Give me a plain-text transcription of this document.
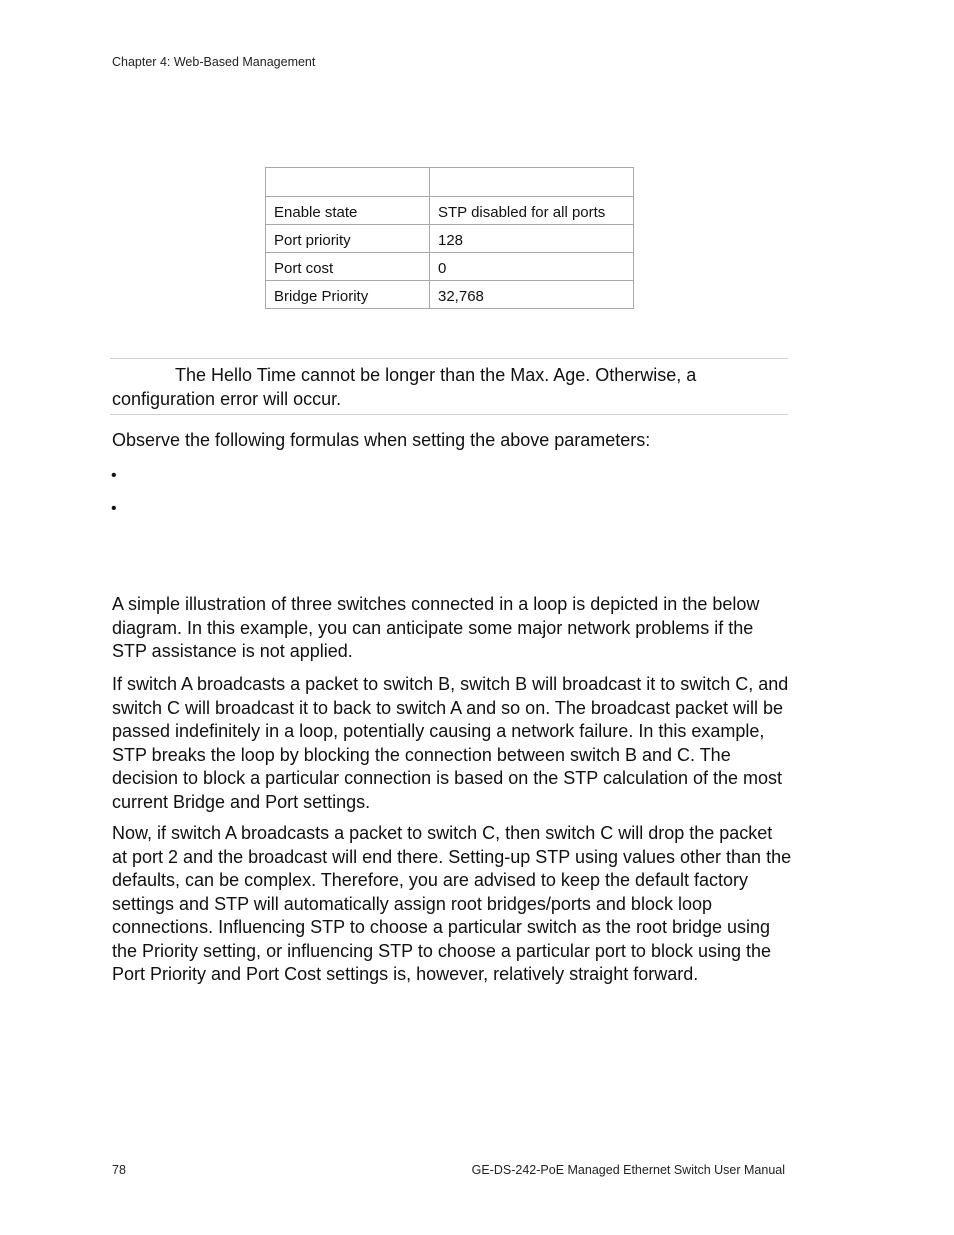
Chapter 4: Web-Based Management

Enable state	STP disabled for all ports
Port priority	128
Port cost	0
Bridge Priority	32,768
The Hello Time cannot be longer than the Max. Age. Otherwise, a
configuration error will occur.

Observe the following formulas when setting the above parameters:

•
•

A simple illustration of three switches connected in a loop is depicted in the below diagram. In this example, you can anticipate some major network problems if the STP assistance is not applied.

If switch A broadcasts a packet to switch B, switch B will broadcast it to switch C, and switch C will broadcast it to back to switch A and so on. The broadcast packet will be passed indefinitely in a loop, potentially causing a network failure. In this example, STP breaks the loop by blocking the connection between switch B and C. The decision to block a particular connection is based on the STP calculation of the most current Bridge and Port settings.

Now, if switch A broadcasts a packet to switch C, then switch C will drop the packet at port 2 and the broadcast will end there. Setting-up STP using values other than the defaults, can be complex. Therefore, you are advised to keep the default factory settings and STP will automatically assign root bridges/ports and block loop connections. Influencing STP to choose a particular switch as the root bridge using the Priority setting, or influencing STP to choose a particular port to block using the Port Priority and Port Cost settings is, however, relatively straight forward.

78	GE-DS-242-PoE Managed Ethernet Switch User Manual
